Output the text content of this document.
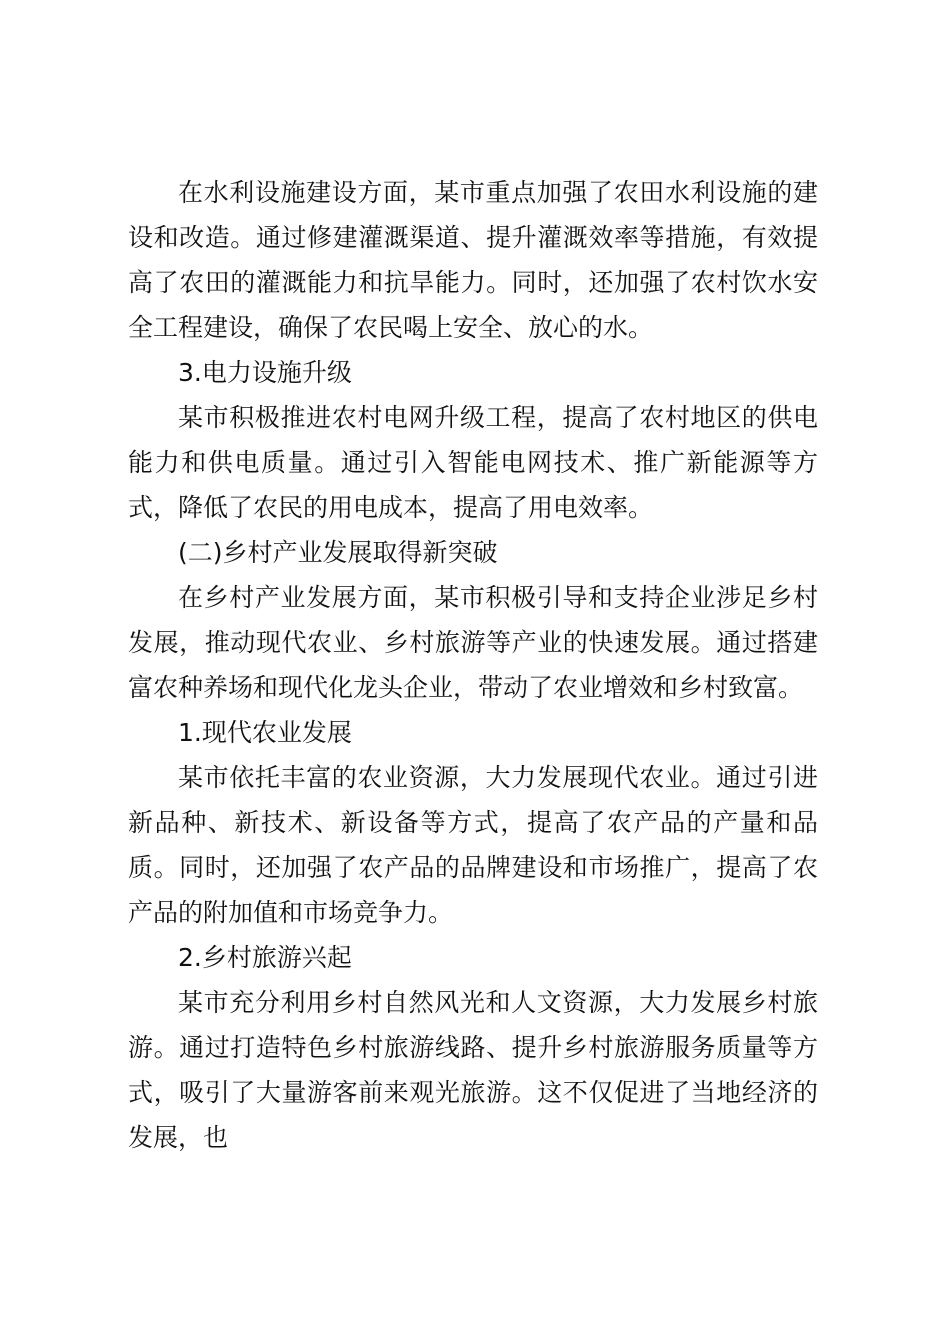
在水利设施建设方面，某市重点加强了农田水利设施的建设和改造。通过修建灌溉渠道、提升灌溉效率等措施，有效提高了农田的灌溉能力和抗旱能力。同时，还加强了农村饮水安全工程建设，确保了农民喝上安全、放心的水。

3.电力设施升级

某市积极推进农村电网升级工程，提高了农村地区的供电能力和供电质量。通过引入智能电网技术、推广新能源等方式，降低了农民的用电成本，提高了用电效率。

(二)乡村产业发展取得新突破

在乡村产业发展方面，某市积极引导和支持企业涉足乡村发展，推动现代农业、乡村旅游等产业的快速发展。通过搭建富农种养场和现代化龙头企业，带动了农业增效和乡村致富。

1.现代农业发展

某市依托丰富的农业资源，大力发展现代农业。通过引进新品种、新技术、新设备等方式，提高了农产品的产量和品质。同时，还加强了农产品的品牌建设和市场推广，提高了农产品的附加值和市场竞争力。

2.乡村旅游兴起

某市充分利用乡村自然风光和人文资源，大力发展乡村旅游。通过打造特色乡村旅游线路、提升乡村旅游服务质量等方式，吸引了大量游客前来观光旅游。这不仅促进了当地经济的发展，也
